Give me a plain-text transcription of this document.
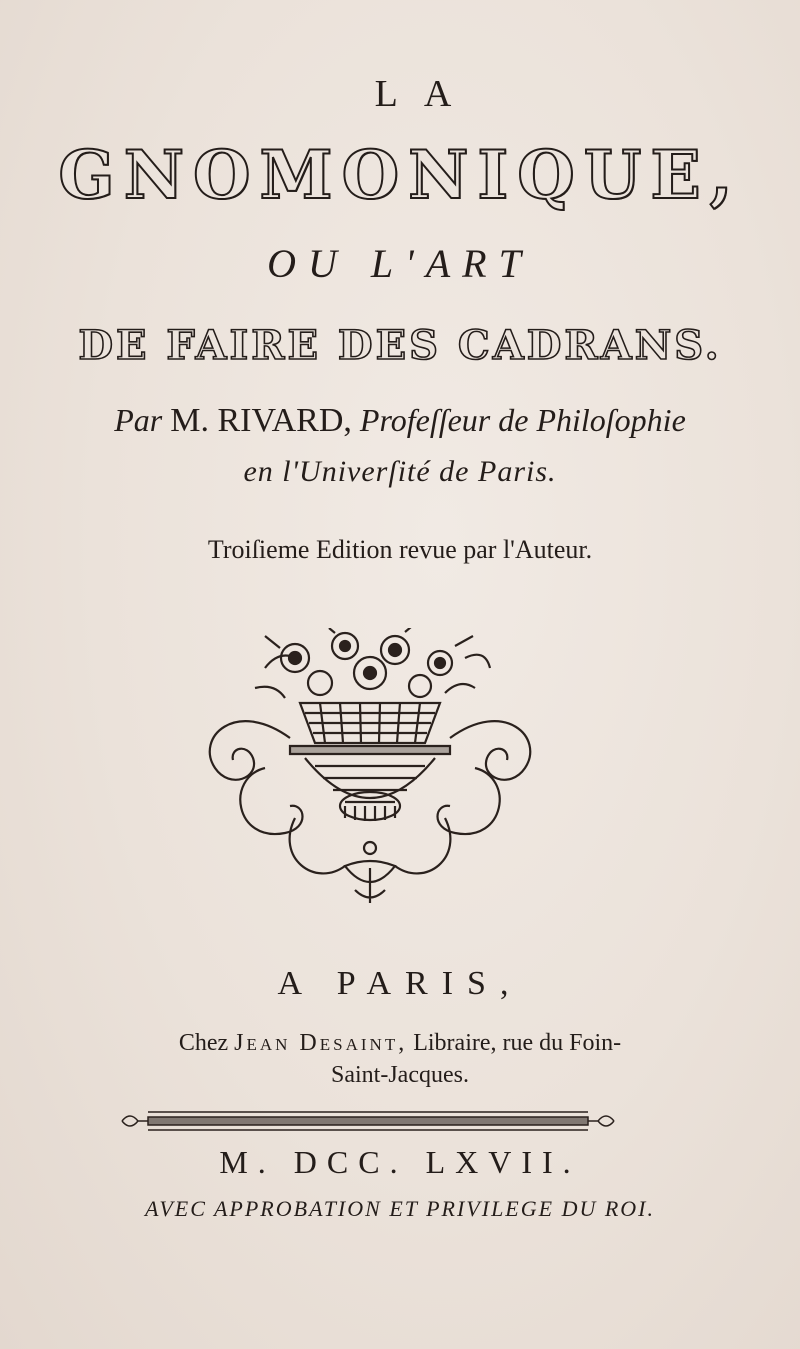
LA
GNOMONIQUE,
OU L'ART
DE FAIRE DES CADRANS.
Par M. RIVARD, Profeſſeur de Philoſophie
en l'Univerſité de Paris.
Troiſieme Edition revue par l'Auteur.
A PARIS,
Chez Jean Desaint, Libraire, rue du Foin-
Saint-Jacques.
M. DCC. LXVII.
AVEC APPROBATION ET PRIVILEGE DU ROI.
